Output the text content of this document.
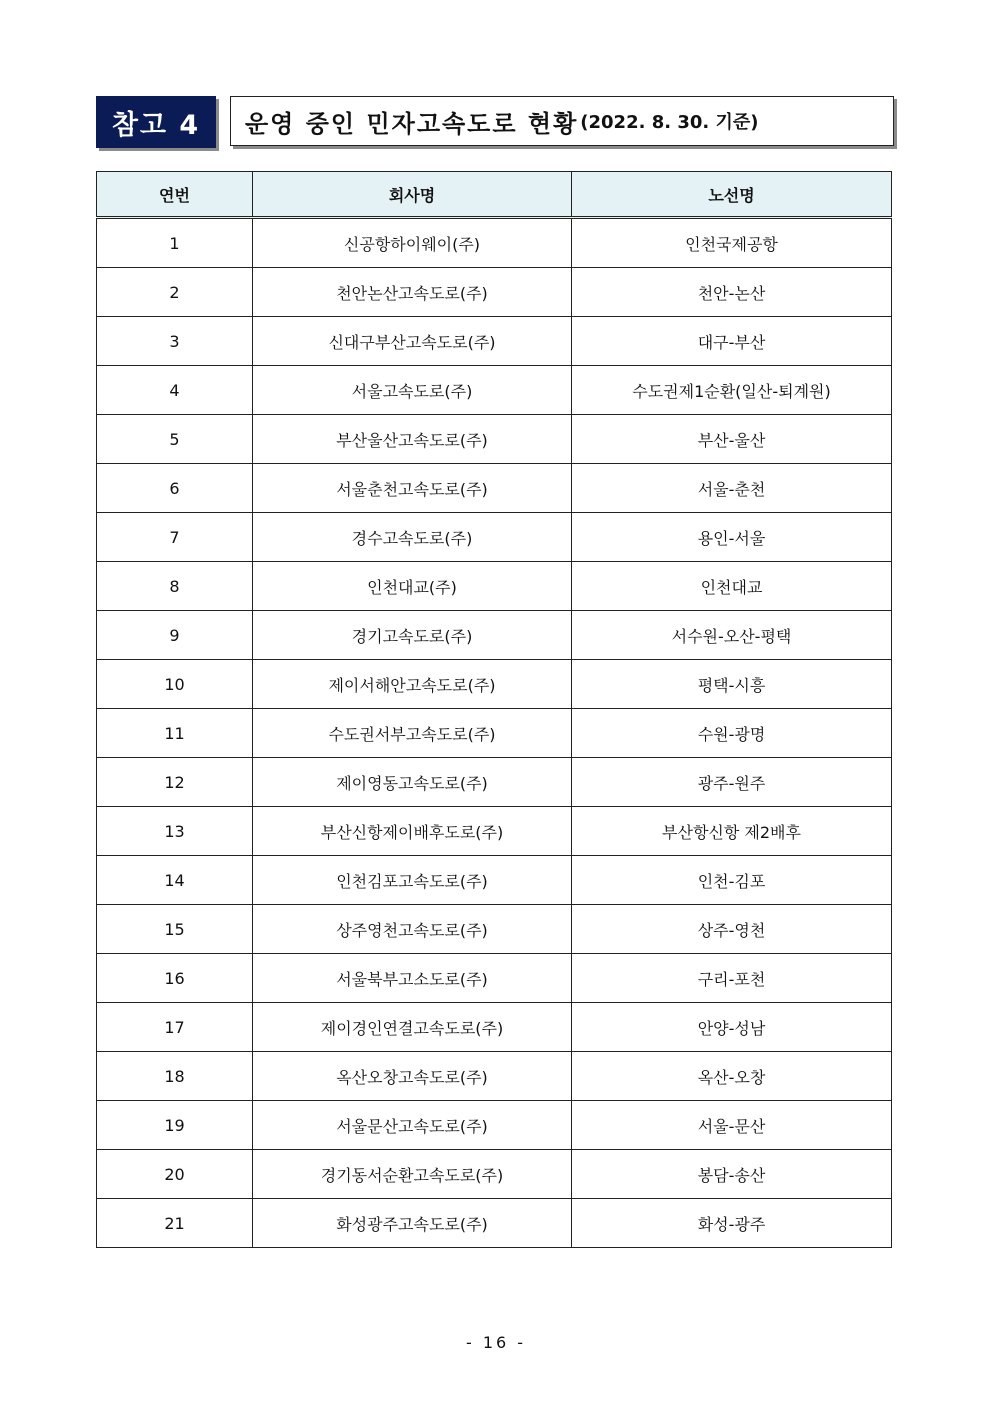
참고 4	운영 중인 민자고속도로 현황 (2022. 8. 30. 기준)
연번	회사명	노선명
1	신공항하이웨이(주)	인천국제공항
2	천안논산고속도로(주)	천안-논산
3	신대구부산고속도로(주)	대구-부산
4	서울고속도로(주)	수도권제1순환(일산-퇴계원)
5	부산울산고속도로(주)	부산-울산
6	서울춘천고속도로(주)	서울-춘천
7	경수고속도로(주)	용인-서울
8	인천대교(주)	인천대교
9	경기고속도로(주)	서수원-오산-평택
10	제이서해안고속도로(주)	평택-시흥
11	수도권서부고속도로(주)	수원-광명
12	제이영동고속도로(주)	광주-원주
13	부산신항제이배후도로(주)	부산항신항 제2배후
14	인천김포고속도로(주)	인천-김포
15	상주영천고속도로(주)	상주-영천
16	서울북부고소도로(주)	구리-포천
17	제이경인연결고속도로(주)	안양-성남
18	옥산오창고속도로(주)	옥산-오창
19	서울문산고속도로(주)	서울-문산
20	경기동서순환고속도로(주)	봉담-송산
21	화성광주고속도로(주)	화성-광주
- 16 -
